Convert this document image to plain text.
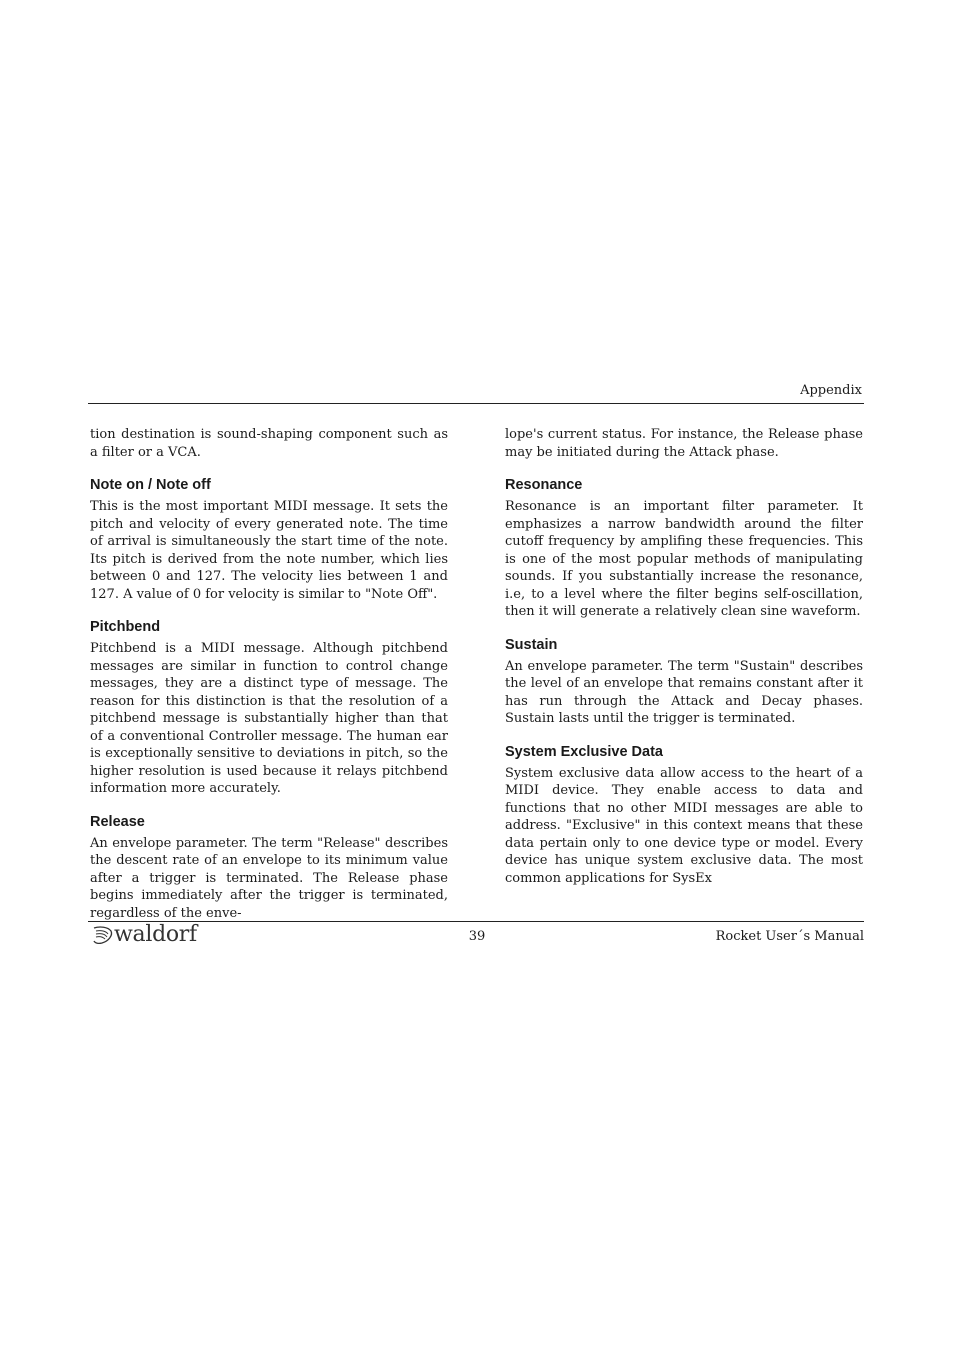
Appendix

tion destination is sound-shaping component such as a filter or a VCA.

Note on / Note off

This is the most important MIDI message. It sets the pitch and velocity of every generated note. The time of arrival is simultaneously the start time of the note. Its pitch is derived from the note number, which lies between 0 and 127. The velocity lies between 1 and 127. A value of 0 for velocity is similar to "Note Off".

Pitchbend

Pitchbend is a MIDI message. Although pitchbend messages are similar in function to control change messages, they are a distinct type of message. The reason for this distinction is that the resolution of a pitchbend message is substantially higher than that of a conventional Controller message. The human ear is exceptionally sensitive to deviations in pitch, so the higher resolution is used because it relays pitchbend information more accurately.

Release

An envelope parameter. The term "Release" describes the descent rate of an envelope to its minimum value after a trigger is terminated. The Release phase begins immediately after the trigger is terminated, regardless of the enve-

lope's current status. For instance, the Release phase may be initiated during the Attack phase.

Resonance

Resonance is an important filter parameter. It emphasizes a narrow bandwidth around the filter cutoff frequency by amplifing these frequencies. This is one of the most popular methods of manipulating sounds. If you substantially increase the resonance, i.e, to a level where the filter begins self-oscillation, then it will generate a relatively clean sine waveform.

Sustain

An envelope parameter. The term "Sustain" describes the level of an envelope that remains constant after it has run through the Attack and Decay phases. Sustain lasts until the trigger is terminated.

System Exclusive Data

System exclusive data allow access to the heart of a MIDI device. They enable access to data and functions that no other MIDI messages are able to address. "Exclusive" in this context means that these data pertain only to one device type or model. Every device has unique system exclusive data. The most common applications for SysEx

waldorf	39	Rocket User´s Manual
